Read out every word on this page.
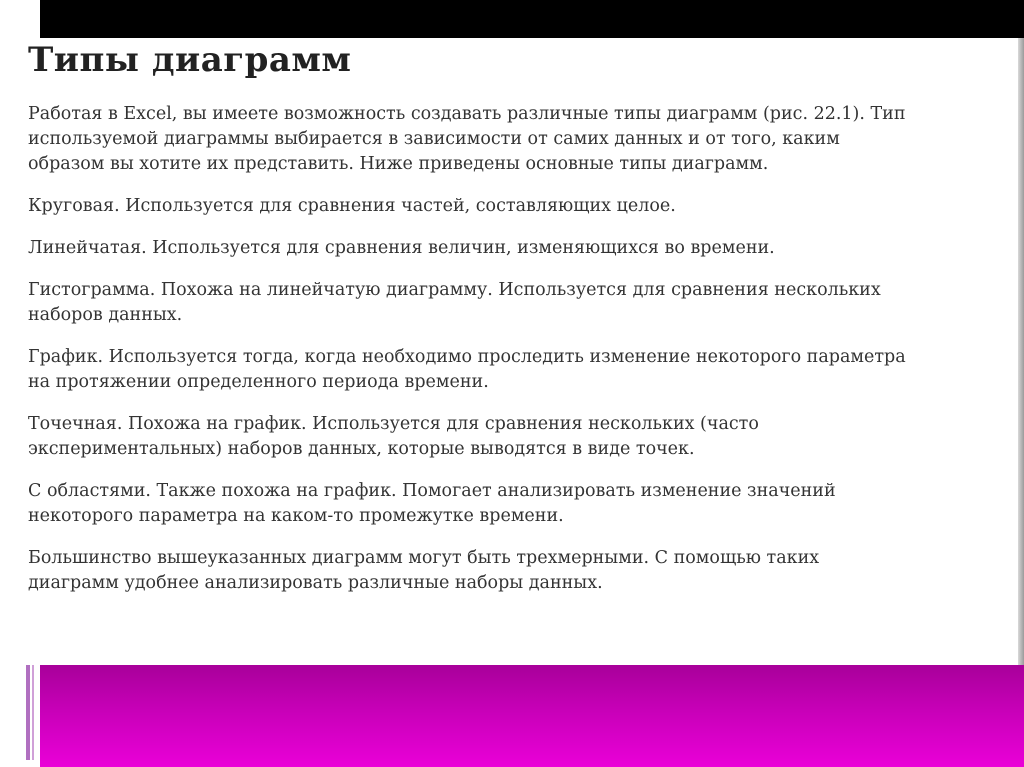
Типы диаграмм

Работая в Excel, вы имеете возможность создавать различные типы диаграмм (рис. 22.1). Тип используемой диаграммы выбирается в зависимости от самих данных и от того, каким образом вы хотите их представить. Ниже приведены основные типы диаграмм.

Круговая. Используется для сравнения частей, составляющих целое.

Линейчатая. Используется для сравнения величин, изменяющихся во времени.

Гистограмма. Похожа на линейчатую диаграмму. Используется для сравнения нескольких наборов данных.

График. Используется тогда, когда необходимо проследить изменение некоторого параметра на протяжении определенного периода времени.

Точечная. Похожа на график. Используется для сравнения нескольких (часто экспериментальных) наборов данных, которые выводятся в виде точек.

С областями. Также похожа на график. Помогает анализировать изменение значений некоторого параметра на каком-то промежутке времени.

Большинство вышеуказанных диаграмм могут быть трехмерными. С помощью таких диаграмм удобнее анализировать различные наборы данных.
